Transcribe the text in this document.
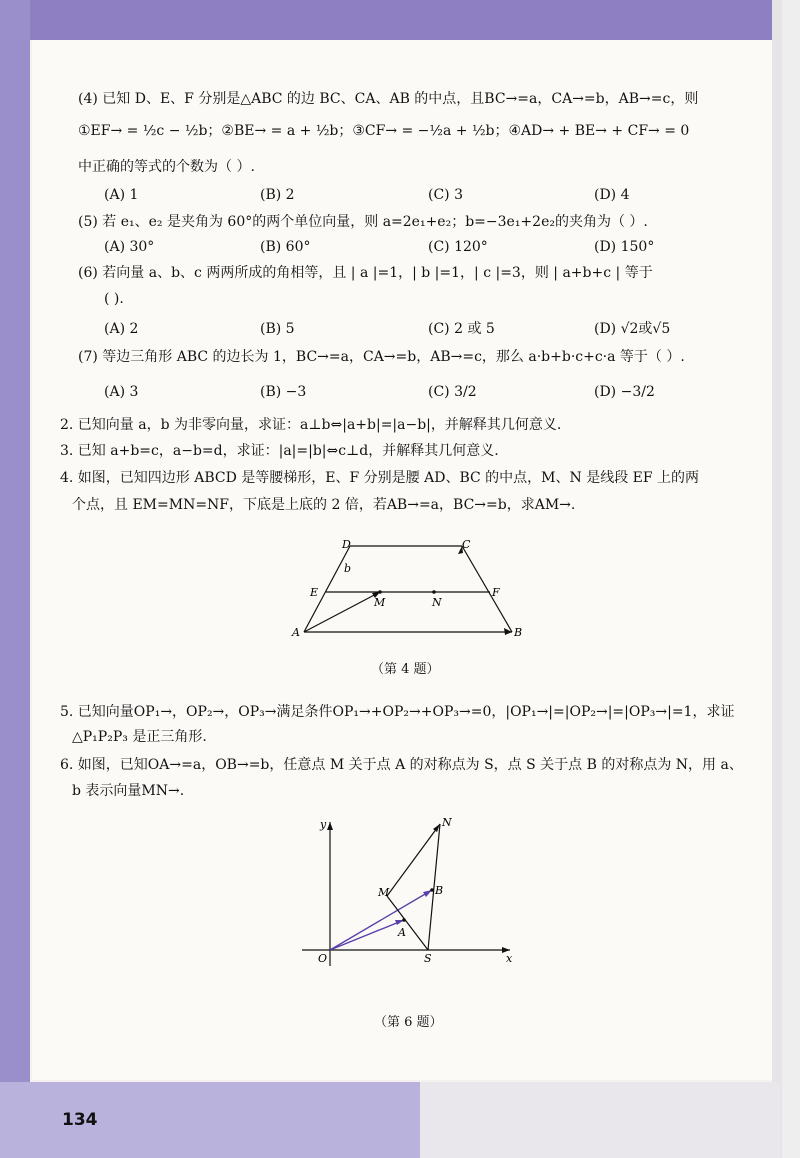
(4) 已知 D、E、F 分别是△ABC 的边 BC、CA、AB 的中点，且BC→=a，CA→=b，AB→=c，则
①EF→ = ½c − ½b；②BE→ = a + ½b；③CF→ = −½a + ½b；④AD→ + BE→ + CF→ = 0
中正确的等式的个数为（ ）.
(A) 1	(B) 2	(C) 3	(D) 4
(5) 若 e₁、e₂ 是夹角为 60°的两个单位向量，则 a=2e₁+e₂；b=−3e₁+2e₂的夹角为（ ）.
(A) 30°	(B) 60°	(C) 120°	(D) 150°
(6) 若向量 a、b、c 两两所成的角相等，且 | a |=1，| b |=1，| c |=3，则 | a+b+c | 等于
( ).
(A) 2	(B) 5	(C) 2 或 5	(D) √2或√5
(7) 等边三角形 ABC 的边长为 1，BC→=a，CA→=b，AB→=c，那么 a·b+b·c+c·a 等于（ ）.
(A) 3	(B) −3	(C) 3/2	(D) −3/2
2. 已知向量 a，b 为非零向量，求证：a⊥b⇔|a+b|=|a−b|，并解释其几何意义.
3. 已知 a+b=c，a−b=d，求证：|a|=|b|⇔c⊥d，并解释其几何意义.
4. 如图，已知四边形 ABCD 是等腰梯形，E、F 分别是腰 AD、BC 的中点，M、N 是线段 EF 上的两
个点，且 EM=MN=NF，下底是上底的 2 倍，若AB→=a，BC→=b，求AM→.
5. 已知向量OP₁→，OP₂→，OP₃→满足条件OP₁→+OP₂→+OP₃→=0，|OP₁→|=|OP₂→|=|OP₃→|=1，求证
△P₁P₂P₃ 是正三角形.
6. 如图，已知OA→=a，OB→=b，任意点 M 关于点 A 的对称点为 S，点 S 关于点 B 的对称点为 N，用 a、
b 表示向量MN→.
D	C
b
E	F
M	N
A	B
（第 4 题）
y
x
O
A
B
M
N
S
（第 6 题）
134
